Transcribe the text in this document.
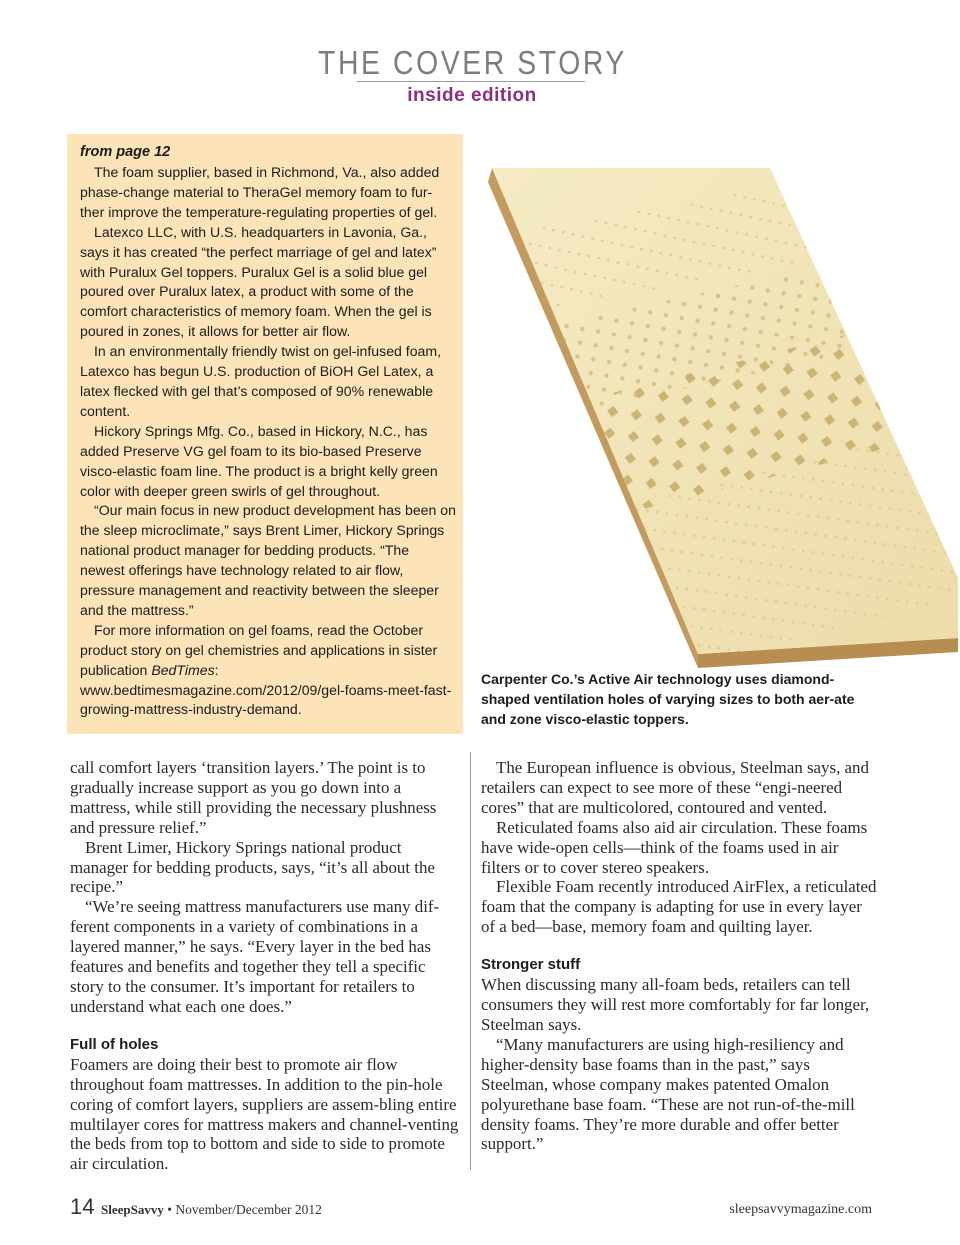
THE COVER STORY
inside edition
from page 12

The foam supplier, based in Richmond, Va., also added phase-change material to TheraGel memory foam to fur-ther improve the temperature-regulating properties of gel.

Latexco LLC, with U.S. headquarters in Lavonia, Ga., says it has created “the perfect marriage of gel and latex” with Puralux Gel toppers. Puralux Gel is a solid blue gel poured over Puralux latex, a product with some of the comfort characteristics of memory foam. When the gel is poured in zones, it allows for better air flow.

In an environmentally friendly twist on gel-infused foam, Latexco has begun U.S. production of BiOH Gel Latex, a latex flecked with gel that’s composed of 90% renewable content.

Hickory Springs Mfg. Co., based in Hickory, N.C., has added Preserve VG gel foam to its bio-based Preserve visco-elastic foam line. The product is a bright kelly green color with deeper green swirls of gel throughout.

“Our main focus in new product development has been on the sleep microclimate,” says Brent Limer, Hickory Springs national product manager for bedding products. “The newest offerings have technology related to air flow, pressure management and reactivity between the sleeper and the mattress.”

For more information on gel foams, read the October product story on gel chemistries and applications in sister publication BedTimes: www.bedtimesmagazine.com/2012/09/gel-foams-meet-fast-growing-mattress-industry-demand.

Carpenter Co.’s Active Air technology uses diamond-shaped ventilation holes of varying sizes to both aer-ate and zone visco-elastic toppers.

call comfort layers ‘transition layers.’ The point is to gradually increase support as you go down into a mattress, while still providing the necessary plushness and pressure relief.”

Brent Limer, Hickory Springs national product manager for bedding products, says, “it’s all about the recipe.”

“We’re seeing mattress manufacturers use many dif-ferent components in a variety of combinations in a layered manner,” he says. “Every layer in the bed has features and benefits and together they tell a specific story to the consumer. It’s important for retailers to understand what each one does.”

Full of holes

Foamers are doing their best to promote air flow throughout foam mattresses. In addition to the pin-hole coring of comfort layers, suppliers are assem-bling entire multilayer cores for mattress makers and channel-venting the beds from top to bottom and side to side to promote air circulation.

The European influence is obvious, Steelman says, and retailers can expect to see more of these “engi-neered cores” that are multicolored, contoured and vented.

Reticulated foams also aid air circulation. These foams have wide-open cells—think of the foams used in air filters or to cover stereo speakers.

Flexible Foam recently introduced AirFlex, a reticulated foam that the company is adapting for use in every layer of a bed—base, memory foam and quilting layer.

Stronger stuff

When discussing many all-foam beds, retailers can tell consumers they will rest more comfortably for far longer, Steelman says.

“Many manufacturers are using high-resiliency and higher-density base foams than in the past,” says Steelman, whose company makes patented Omalon polyurethane base foam. “These are not run-of-the-mill density foams. They’re more durable and offer better support.”

14 SleepSavvy • November/December 2012	sleepsavvymagazine.com
